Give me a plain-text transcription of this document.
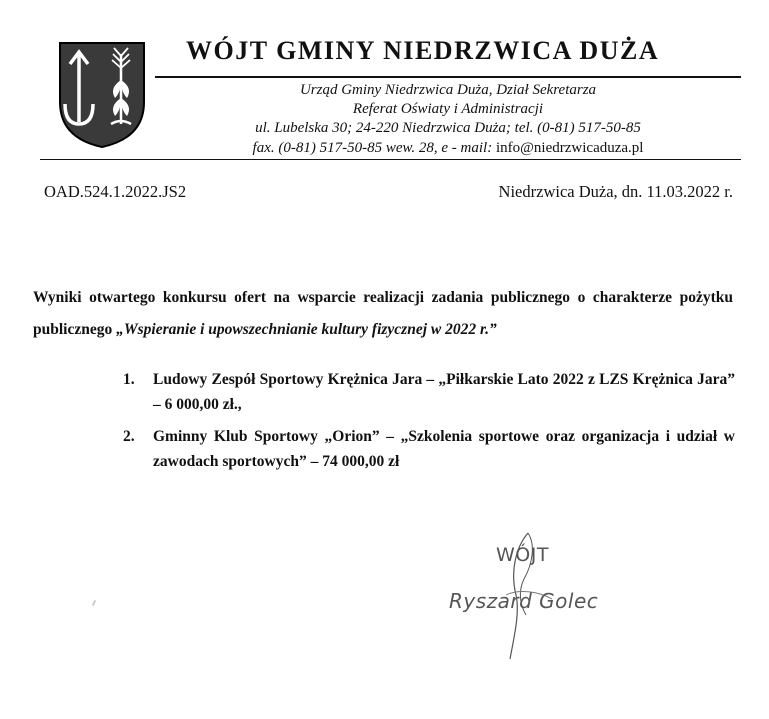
WÓJT GMINY NIEDRZWICA DUŻA
Urząd Gminy Niedrzwica Duża, Dział Sekretarza
Referat Oświaty i Administracji
ul. Lubelska 30; 24-220 Niedrzwica Duża; tel. (0-81) 517-50-85
fax. (0-81) 517-50-85 wew. 28, e - mail: info@niedrzwicaduza.pl
OAD.524.1.2022.JS2	Niedrzwica Duża, dn. 11.03.2022 r.
Wyniki otwartego konkursu ofert na wsparcie realizacji zadania publicznego o charakterze pożytku publicznego „Wspieranie i upowszechnianie kultury fizycznej w 2022 r.”
1.	Ludowy Zespół Sportowy Krężnica Jara – „Piłkarskie Lato 2022 z LZS Krężnica Jara” – 6 000,00 zł.,
2.	Gminny Klub Sportowy „Orion” – „Szkolenia sportowe oraz organizacja i udział w zawodach sportowych” – 74 000,00 zł
WÓJT
Ryszard Golec
